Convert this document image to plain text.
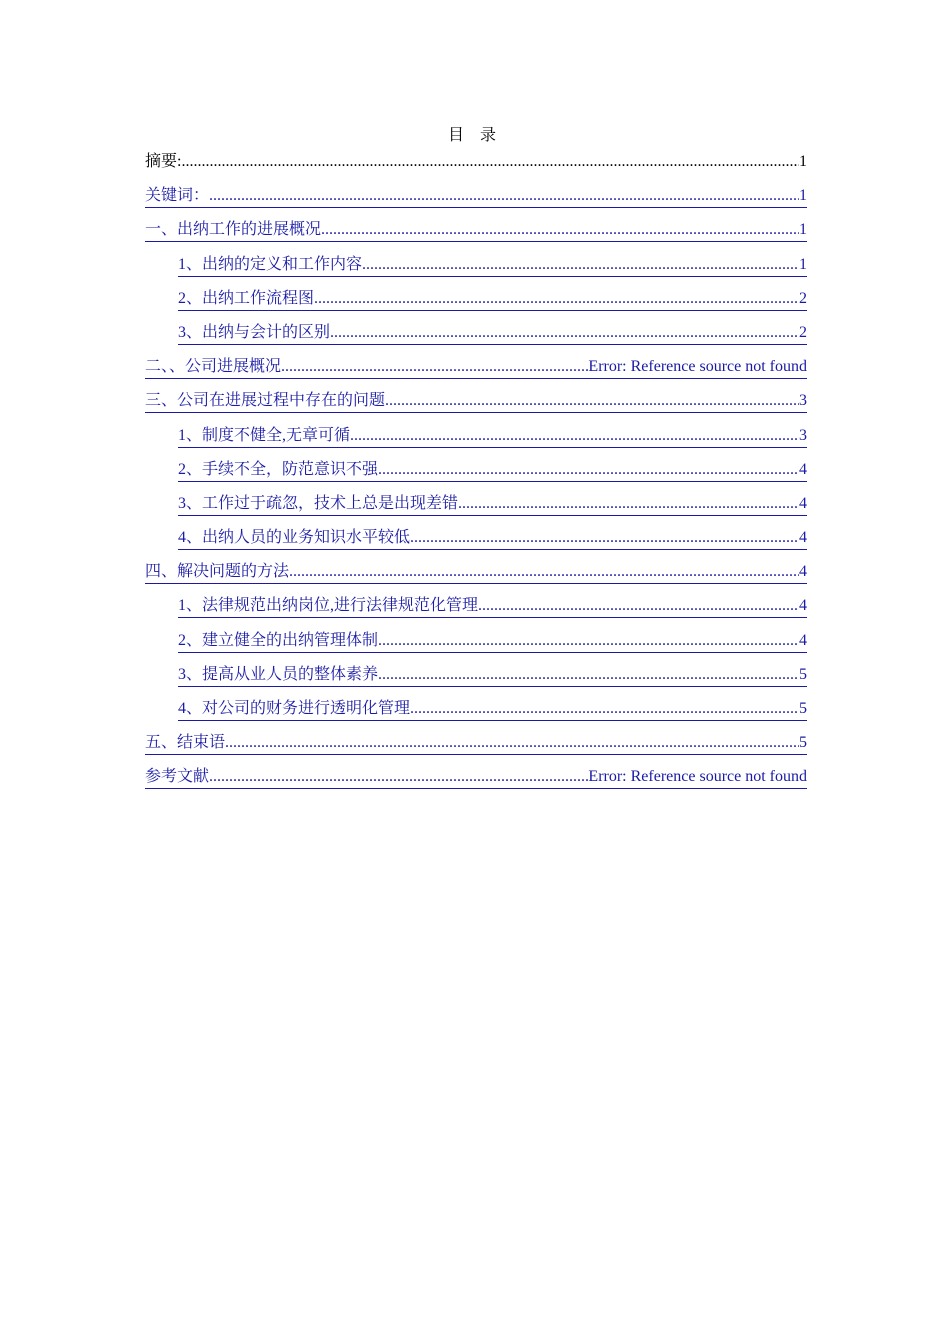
目 录
摘要: .....	1
关键词： .....	1
一、出纳工作的进展概况 .....	1
1、出纳的定义和工作内容 .....	1
2、出纳工作流程图 .....	2
3、出纳与会计的区别 .....	2
二、、公司进展概况 .....	Error: Reference source not found
三、公司在进展过程中存在的问题 .....	3
1、制度不健全,无章可循 .....	3
2、手续不全，防范意识不强 .....	4
3、工作过于疏忽，技术上总是出现差错 .....	4
4、出纳人员的业务知识水平较低 .....	4
四、解决问题的方法 .....	4
1、法律规范出纳岗位,进行法律规范化管理 .....	4
2、建立健全的出纳管理体制 .....	4
3、提高从业人员的整体素养 .....	5
4、对公司的财务进行透明化管理 .....	5
五、结束语 .....	5
参考文献 .....	Error: Reference source not found
